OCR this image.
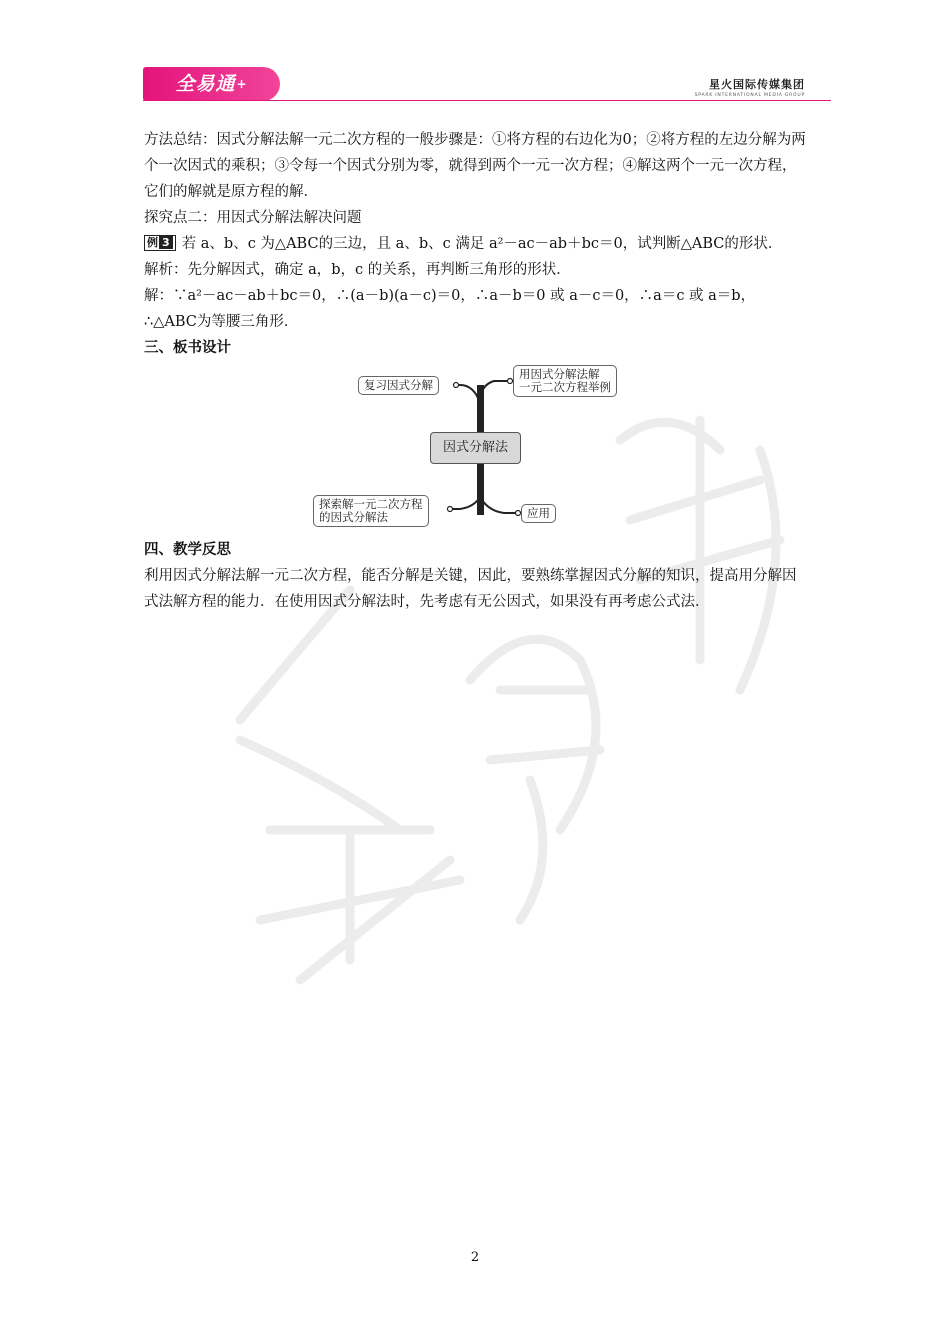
全易通+	星火国际传媒集团
SPARK INTERNATIONAL MEDIA GROUP

方法总结：因式分解法解一元二次方程的一般步骤是：①将方程的右边化为0；②将方程的左边分解为两个一次因式的乘积；③令每一个因式分别为零，就得到两个一元一次方程；④解这两个一元一次方程，它们的解就是原方程的解．

探究点二：用因式分解法解决问题

例 3 若 a、b、c 为△ABC的三边，且 a、b、c 满足 a²－ac－ab＋bc＝0，试判断△ABC的形状．

解析：先分解因式，确定 a，b，c 的关系，再判断三角形的形状．

解：∵a²－ac－ab＋bc＝0，∴(a－b)(a－c)＝0，∴a－b＝0 或 a－c＝0，∴a＝c 或 a＝b，

∴△ABC为等腰三角形．

三、板书设计

复习因式分解
用因式分解法解
一元二次方程举例
因式分解法
探索解一元二次方程
的因式分解法	应用

四、教学反思

利用因式分解法解一元二次方程，能否分解是关键，因此，要熟练掌握因式分解的知识，提高用分解因式法解方程的能力．在使用因式分解法时，先考虑有无公因式，如果没有再考虑公式法．

2
